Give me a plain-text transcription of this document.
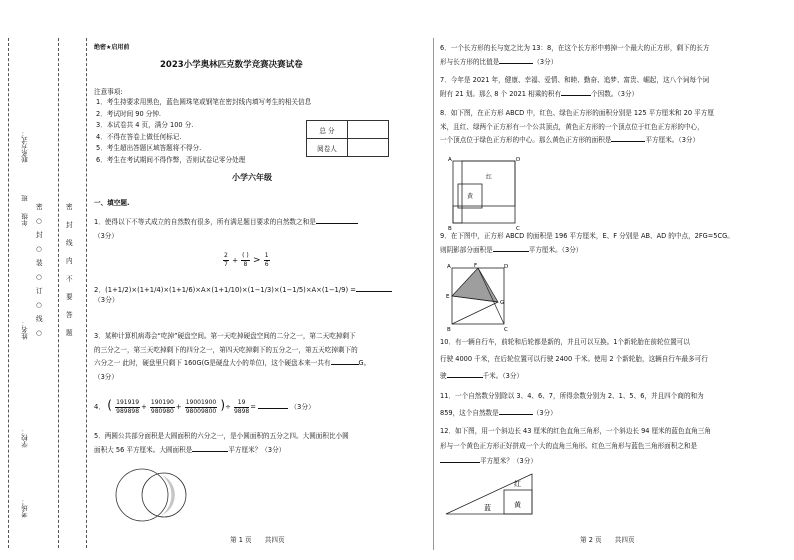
联系方式：
班
年级
姓名：
学校：
考场：
密
○
封
○
装
○
订
○
线
○
密
封
线
内
不
要
答
题
绝密★启用前
2023小学奥林匹克数学竞赛决赛试卷
注意事项:
1．考生持要求用黑色，蓝色圆珠笔或钢笔在密封线内填写考生的相关信息
2．考试时间 90 分钟.
3．本试卷共 4 页，满分 100 分.
4．不得在答卷上做任何标记.
5．考生超出答题区域答题将不得分.
6．考生在考试期间不得作弊，否则试卷记零分处理
总 分	
阅卷人	
小学六年级
一、填空题.
1．使得以下不等式成立的自然数有很多，所有满足题目要求的自然数之和是
（3分）
$\frac{2}{7} + \frac{( )}{8} > \frac{1}{6}$
2．(1+1/2)×(1+1/4)×(1+1/6)×A×(1+1/10)×(1−1/3)×(1−1/5)×A×(1−1/9) =
（3分）
3．某种计算机病毒会“吃掉”硬盘空间。第一天吃掉硬盘空间的二分之一，第二天吃掉剩下
的三分之一，第三天吃掉剩下的四分之一，第四天吃掉剩下的五分之一，第五天吃掉剩下的
六分之一 此时，硬盘里只剩下 160G(G是硬盘大小的单位)，这个硬盘本来一共有	G。
（3分）
4． ( $\frac{191919}{989898} + \frac{190190}{980980} + \frac{19001900}{98009800}$ )÷ $\frac{19}{9898}$ =	（3分）
5．两圆公共部分面积是大圆面积的六分之一，是小圆面积的五分之四。大圆面积比小圆
面积大 56 平方厘米。大圆面积是	平方厘米？（3分）
第 1 页　　共四页
6．一个长方形的长与宽之比为 13：8，在这个长方形中剪掉一个最大的正方形，剩下的长方
形与长方形的比值是	（3分）
7．今年是 2021 年，健康、幸福、爱情、和睦、勤奋、追梦、富贵、崛起，这八个词每个词
附有 21 划。那么 8 个 2021 相乘的积有	个因数。（3分）
8．如下图，在正方形 ABCD 中，红色、绿色正方形的面积分别是 125 平方厘米和 20 平方厘
米，且红、绿两个正方形有一个公共顶点，黄色正方形的一个顶点位于红色正方形的中心，
一个顶点位于绿色正方形的中心。那么黄色正方形的面积是	平方厘米。（3分）
A	D
B	C
红
黄
9．在下图中，正方形 ABCD 的面积是 196 平方厘米，E、F 分别是 AB、AD 的中点，2FG=5CG。
则阴影部分面积是	平方厘米。（3分）
A	F	D
E
G
B	C
10．有一辆自行车，前轮和后轮都是新的，并且可以互换。1个新轮胎在前轮位置可以
行驶 4000 千米，在后轮位置可以行驶 2400 千米。使用 2 个新轮胎，这辆自行车最多可行
驶	千米。（3分）
11．一个自然数分别除以 3、4、6、7，所得余数分别为 2、1、5、6，并且四个商的和为
859，这个自然数是	（3分）
12．如下图，用一个斜边长 43 厘米的红色直角三角形，一个斜边长 94 厘米的蓝色直角三角
形与一个黄色正方形正好拼成一个大的直角三角形。红色三角形与蓝色三角形面积之和是
平方厘米？（3分）
红
蓝	黄
第 2 页　　共四页
